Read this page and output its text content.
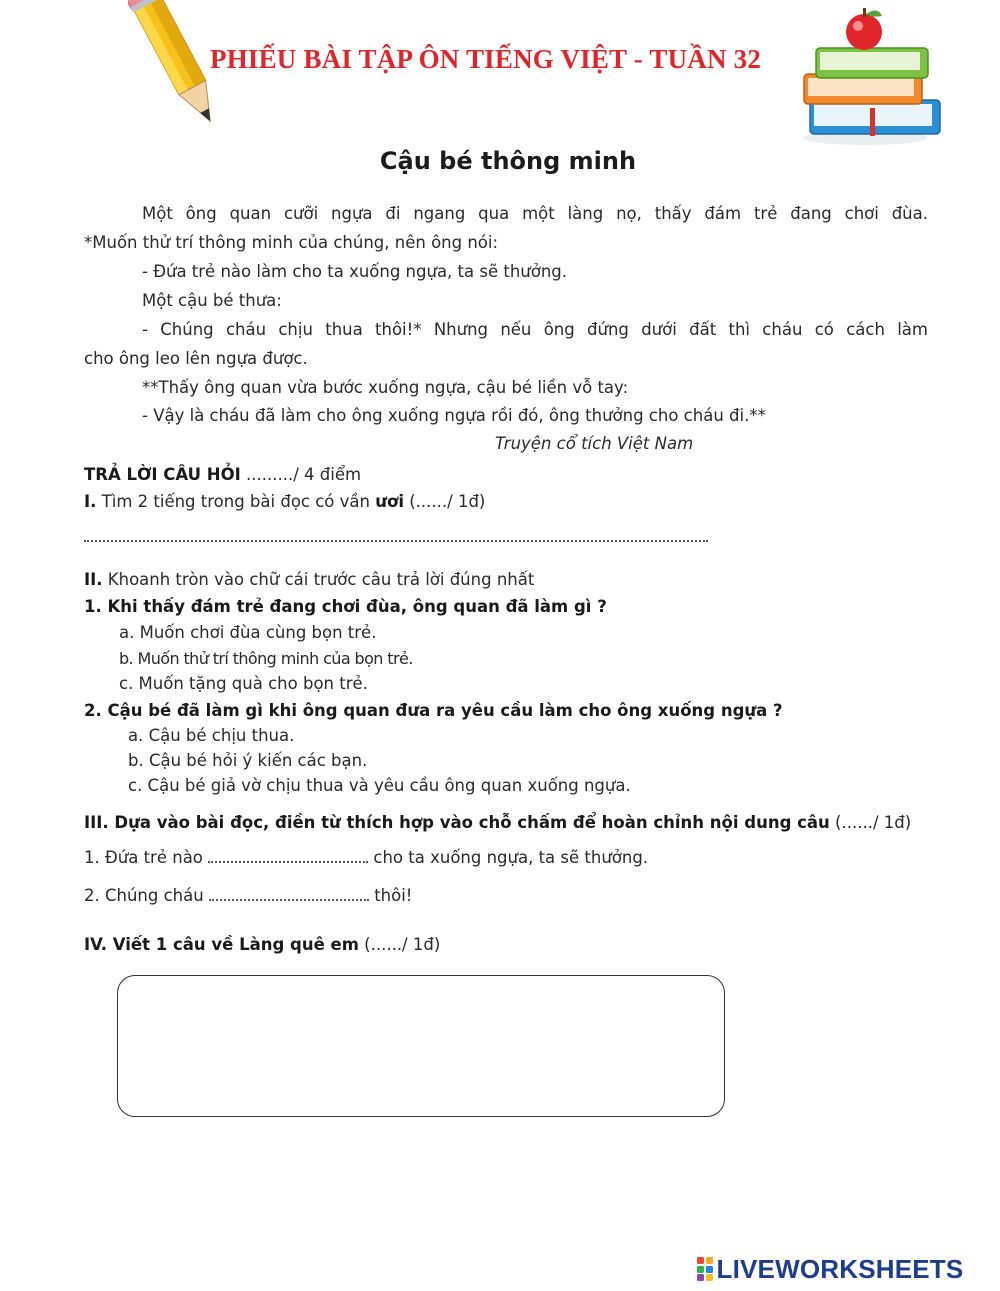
PHIẾU BÀI TẬP ÔN TIẾNG VIỆT - TUẦN 32
Cậu bé thông minh
Một ông quan cưỡi ngựa đi ngang qua một làng nọ, thấy đám trẻ đang chơi đùa.
*Muốn thử trí thông minh của chúng, nên ông nói:
- Đứa trẻ nào làm cho ta xuống ngựa, ta sẽ thưởng.
Một cậu bé thưa:
- Chúng cháu chịu thua thôi!* Nhưng nếu ông đứng dưới đất thì cháu có cách làm
cho ông leo lên ngựa được.
**Thấy ông quan vừa bước xuống ngựa, cậu bé liền vỗ tay:
- Vậy là cháu đã làm cho ông xuống ngựa rồi đó, ông thưởng cho cháu đi.**
Truyện cổ tích Việt Nam
TRẢ LỜI CÂU HỎI ........./ 4 điểm
I. Tìm 2 tiếng trong bài đọc có vần ươi (....../ 1đ)
II. Khoanh tròn vào chữ cái trước câu trả lời đúng nhất
1. Khi thấy đám trẻ đang chơi đùa, ông quan đã làm gì ?
a. Muốn chơi đùa cùng bọn trẻ.
b. Muốn thử trí thông minh của bọn trẻ.
c. Muốn tặng quà cho bọn trẻ.
2. Cậu bé đã làm gì khi ông quan đưa ra yêu cầu làm cho ông xuống ngựa ?
a. Cậu bé chịu thua.
b. Cậu bé hỏi ý kiến các bạn.
c. Cậu bé giả vờ chịu thua và yêu cầu ông quan xuống ngựa.
III. Dựa vào bài đọc, điền từ thích hợp vào chỗ chấm để hoàn chỉnh nội dung câu (....../ 1đ)
1. Đứa trẻ nào	cho ta xuống ngựa, ta sẽ thưởng.
2. Chúng cháu	thôi!
IV. Viết 1 câu về Làng quê em (....../ 1đ)
LIVEWORKSHEETS
